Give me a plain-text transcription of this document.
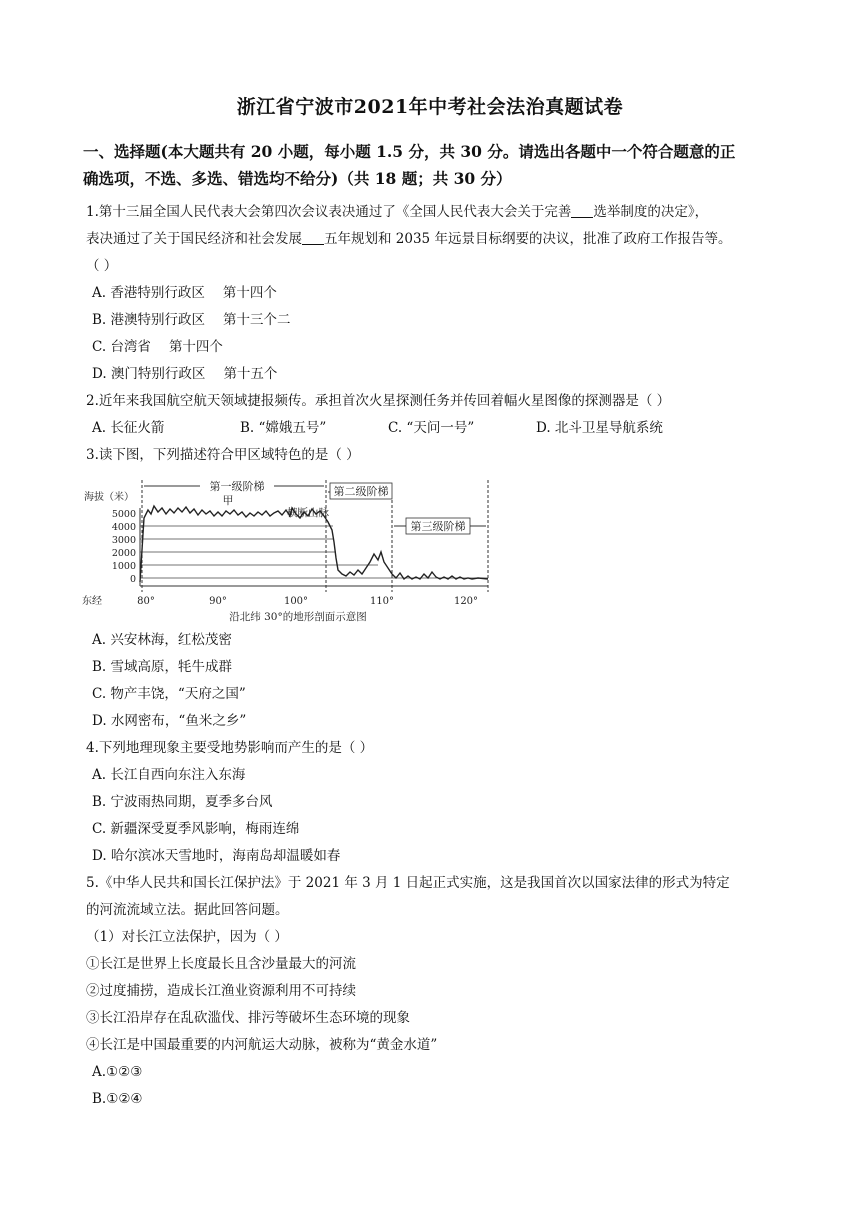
浙江省宁波市2021年中考社会法治真题试卷
一、选择题(本大题共有 20 小题，每小题 1.5 分，共 30 分。请选出各题中一个符合题意的正
确选项，不选、多选、错选均不给分)（共 18 题；共 30 分）
1.第十三届全国人民代表大会第四次会议表决通过了《全国人民代表大会关于完善 选举制度的决定》，
表决通过了关于国民经济和社会发展 五年规划和 2035 年远景目标纲要的决议，批准了政府工作报告等。
（ ）
A. 香港特别行政区 第十四个
B. 港澳特别行政区 第十三个二
C. 台湾省 第十四个
D. 澳门特别行政区 第十五个
2.近年来我国航空航天领域捷报频传。承担首次火星探测任务并传回着幅火星图像的探测器是（ ）
A. 长征火箭	B. “嫦娥五号”	C. “天问一号”	D. 北斗卫星导航系统
3.读下图，下列描述符合甲区域特色的是（ ）
第一级阶梯	第二级阶梯
第三级阶梯
海拔（米）
5000
4000
3000
2000
1000
0
甲
横断山脉
东经	80°	90°	100°	110°	120°
沿北纬 30°的地形剖面示意图
A. 兴安林海，红松茂密
B. 雪域高原，牦牛成群
C. 物产丰饶，“天府之国”
D. 水网密布，“鱼米之乡”
4.下列地理现象主要受地势影响而产生的是（ ）
A. 长江自西向东注入东海
B. 宁波雨热同期，夏季多台风
C. 新疆深受夏季风影响，梅雨连绵
D. 哈尔滨冰天雪地时，海南岛却温暖如春
5.《中华人民共和国长江保护法》于 2021 年 3 月 1 日起正式实施，这是我国首次以国家法律的形式为特定
的河流流域立法。据此回答问题。
（1）对长江立法保护，因为（ ）
①长江是世界上长度最长且含沙量最大的河流
②过度捕捞，造成长江渔业资源利用不可持续
③长江沿岸存在乱砍滥伐、排污等破坏生态环境的现象
④长江是中国最重要的内河航运大动脉，被称为“黄金水道”
A.①②③
B.①②④
